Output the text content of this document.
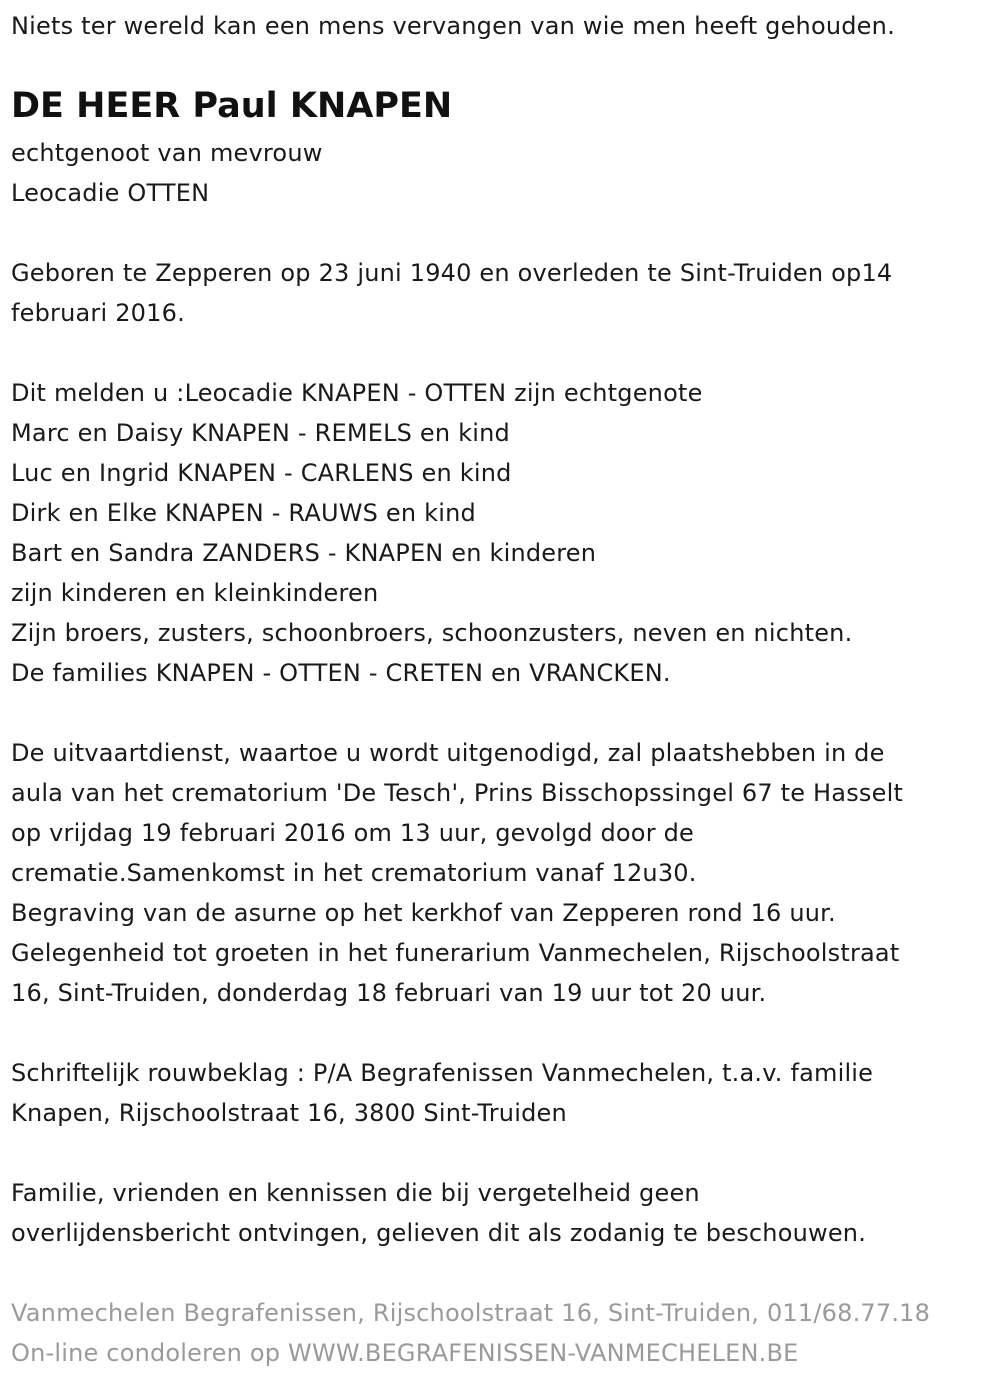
Niets ter wereld kan een mens vervangen van wie men heeft gehouden.
DE HEER Paul KNAPEN
echtgenoot van mevrouw
Leocadie OTTEN
Geboren te Zepperen op 23 juni 1940 en overleden te Sint-Truiden op14
februari 2016.
Dit melden u :Leocadie KNAPEN - OTTEN zijn echtgenote
Marc en Daisy KNAPEN - REMELS en kind
Luc en Ingrid KNAPEN - CARLENS en kind
Dirk en Elke KNAPEN - RAUWS en kind
Bart en Sandra ZANDERS - KNAPEN en kinderen
zijn kinderen en kleinkinderen
Zijn broers, zusters, schoonbroers, schoonzusters, neven en nichten.
De families KNAPEN - OTTEN - CRETEN en VRANCKEN.
De uitvaartdienst, waartoe u wordt uitgenodigd, zal plaatshebben in de
aula van het crematorium 'De Tesch', Prins Bisschopssingel 67 te Hasselt
op vrijdag 19 februari 2016 om 13 uur, gevolgd door de
crematie.Samenkomst in het crematorium vanaf 12u30.
Begraving van de asurne op het kerkhof van Zepperen rond 16 uur.
Gelegenheid tot groeten in het funerarium Vanmechelen, Rijschoolstraat
16, Sint-Truiden, donderdag 18 februari van 19 uur tot 20 uur.
Schriftelijk rouwbeklag : P/A Begrafenissen Vanmechelen, t.a.v. familie
Knapen, Rijschoolstraat 16, 3800 Sint-Truiden
Familie, vrienden en kennissen die bij vergetelheid geen
overlijdensbericht ontvingen, gelieven dit als zodanig te beschouwen.
Vanmechelen Begrafenissen, Rijschoolstraat 16, Sint-Truiden, 011/68.77.18
On-line condoleren op WWW.BEGRAFENISSEN-VANMECHELEN.BE
